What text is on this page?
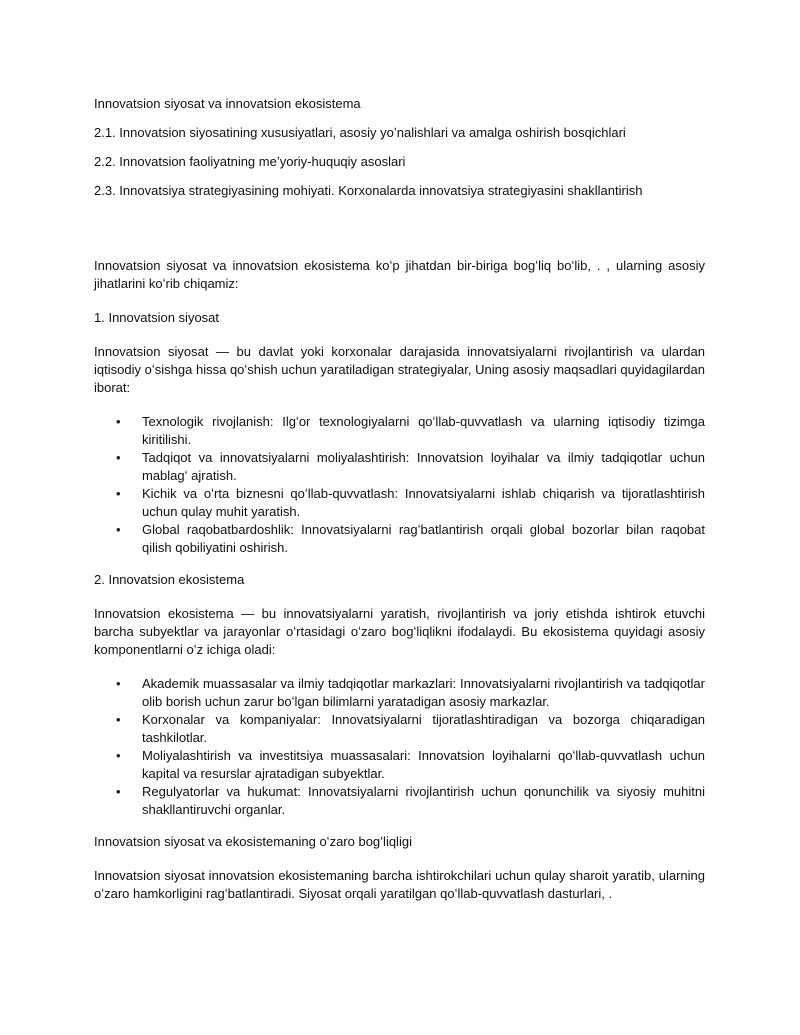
Innovatsion siyosat va innovatsion ekosistema

2.1. Innovatsion siyosatining xususiyatlari, asosiy yoʼnalishlari va amalga oshirish bosqichlari

2.2. Innovatsion faoliyatning meʼyoriy-huquqiy asoslari

2.3. Innovatsiya strategiyasining mohiyati. Korxonalarda innovatsiya strategiyasini shakllantirish

Innovatsion siyosat va innovatsion ekosistema koʻp jihatdan bir-biriga bogʻliq boʻlib, . , ularning asosiy jihatlarini koʻrib chiqamiz:

1. Innovatsion siyosat

Innovatsion siyosat — bu davlat yoki korxonalar darajasida innovatsiyalarni rivojlantirish va ulardan iqtisodiy oʻsishga hissa qoʻshish uchun yaratiladigan strategiyalar, Uning asosiy maqsadlari quyidagilardan iborat:

• Texnologik rivojlanish: Ilgʻor texnologiyalarni qoʻllab-quvvatlash va ularning iqtisodiy tizimga kiritilishi.
• Tadqiqot va innovatsiyalarni moliyalashtirish: Innovatsion loyihalar va ilmiy tadqiqotlar uchun mablagʻ ajratish.
• Kichik va oʻrta biznesni qoʻllab-quvvatlash: Innovatsiyalarni ishlab chiqarish va tijoratlashtirish uchun qulay muhit yaratish.
• Global raqobatbardoshlik: Innovatsiyalarni ragʻbatlantirish orqali global bozorlar bilan raqobat qilish qobiliyatini oshirish.

2. Innovatsion ekosistema

Innovatsion ekosistema — bu innovatsiyalarni yaratish, rivojlantirish va joriy etishda ishtirok etuvchi barcha subyektlar va jarayonlar oʻrtasidagi oʻzaro bogʻliqlikni ifodalaydi. Bu ekosistema quyidagi asosiy komponentlarni oʻz ichiga oladi:

• Akademik muassasalar va ilmiy tadqiqotlar markazlari: Innovatsiyalarni rivojlantirish va tadqiqotlar olib borish uchun zarur boʻlgan bilimlarni yaratadigan asosiy markazlar.
• Korxonalar va kompaniyalar: Innovatsiyalarni tijoratlashtiradigan va bozorga chiqaradigan tashkilotlar.
• Moliyalashtirish va investitsiya muassasalari: Innovatsion loyihalarni qoʻllab-quvvatlash uchun kapital va resurslar ajratadigan subyektlar.
• Regulyatorlar va hukumat: Innovatsiyalarni rivojlantirish uchun qonunchilik va siyosiy muhitni shakllantiruvchi organlar.

Innovatsion siyosat va ekosistemaning oʻzaro bogʻliqligi

Innovatsion siyosat innovatsion ekosistemaning barcha ishtirokchilari uchun qulay sharoit yaratib, ularning oʻzaro hamkorligini ragʻbatlantiradi. Siyosat orqali yaratilgan qoʻllab-quvvatlash dasturlari, .
